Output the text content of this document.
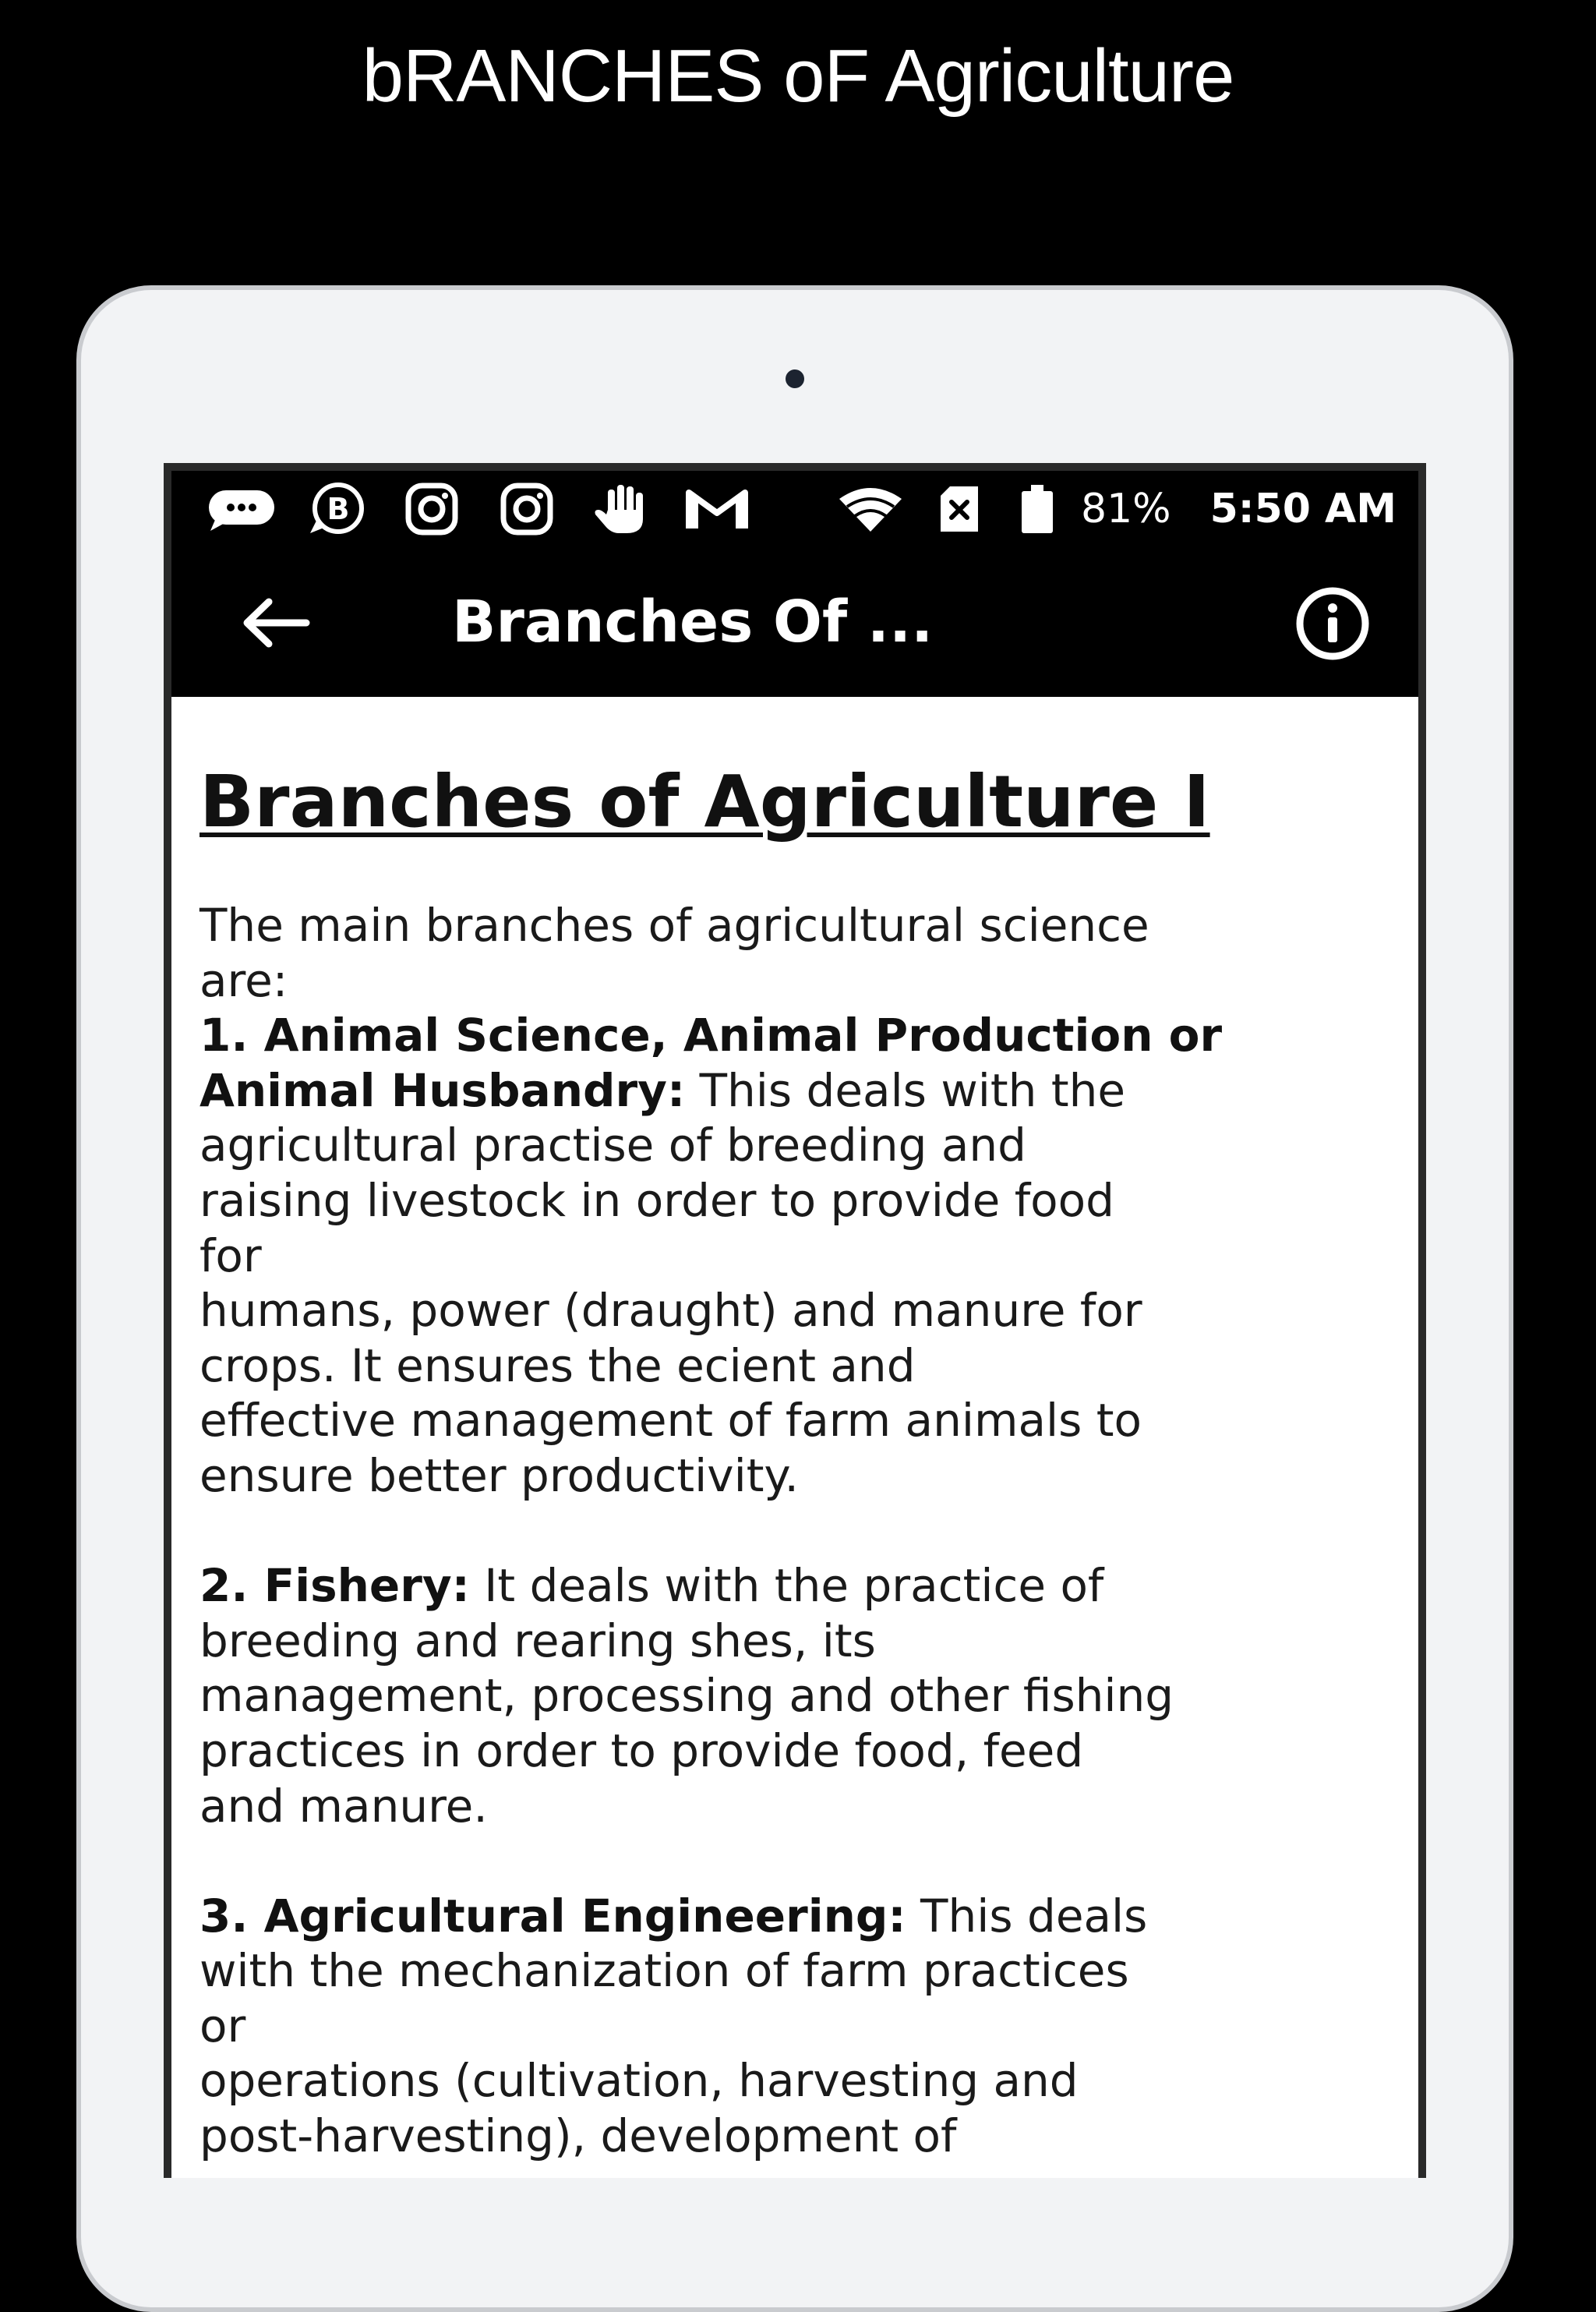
bRANCHES oF Agriculture
B	81% 5:50 AM
Branches Of ...
Branches of Agriculture I

The main branches of agricultural science

are:

1. Animal Science, Animal Production or

Animal Husbandry: This deals with the

agricultural practise of breeding and

raising livestock in order to provide food

for

humans, power (draught) and manure for

crops. It ensures the ecient and

effective management of farm animals to

ensure better productivity.

2. Fishery: It deals with the practice of

breeding and rearing shes, its

management, processing and other fishing

practices in order to provide food, feed

and manure.

3. Agricultural Engineering: This deals

with the mechanization of farm practices

or

operations (cultivation, harvesting and

post-harvesting), development of
